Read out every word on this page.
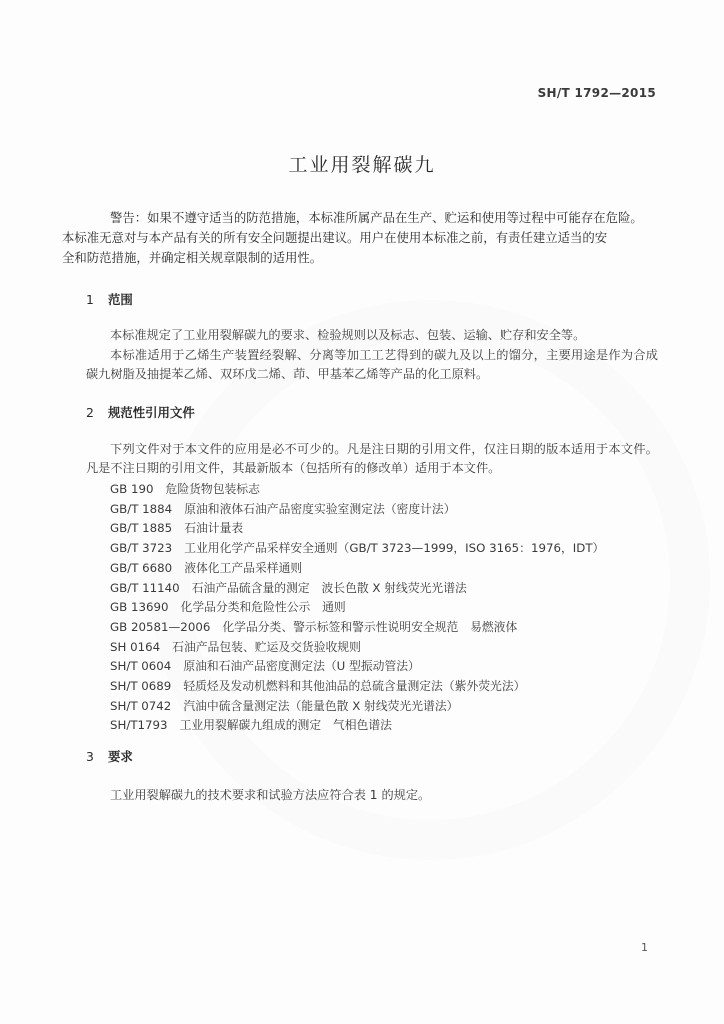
SH/T 1792—2015
工业用裂解碳九
警告：如果不遵守适当的防范措施，本标准所属产品在生产、贮运和使用等过程中可能存在危险。
本标准无意对与本产品有关的所有安全问题提出建议。用户在使用本标准之前，有责任建立适当的安
全和防范措施，并确定相关规章限制的适用性。
1 范围
本标准规定了工业用裂解碳九的要求、检验规则以及标志、包装、运输、贮存和安全等。
本标准适用于乙烯生产装置经裂解、分离等加工工艺得到的碳九及以上的馏分，主要用途是作为合成碳九树脂及抽提苯乙烯、双环戊二烯、茚、甲基苯乙烯等产品的化工原料。
2 规范性引用文件
下列文件对于本文件的应用是必不可少的。凡是注日期的引用文件，仅注日期的版本适用于本文件。凡是不注日期的引用文件，其最新版本（包括所有的修改单）适用于本文件。
GB 190 危险货物包装标志
GB/T 1884 原油和液体石油产品密度实验室测定法（密度计法）
GB/T 1885 石油计量表
GB/T 3723 工业用化学产品采样安全通则（GB/T 3723—1999，ISO 3165：1976，IDT）
GB/T 6680 液体化工产品采样通则
GB/T 11140 石油产品硫含量的测定　波长色散 X 射线荧光光谱法
GB 13690 化学品分类和危险性公示　通则
GB 20581—2006 化学品分类、警示标签和警示性说明安全规范　易燃液体
SH 0164 石油产品包装、贮运及交货验收规则
SH/T 0604 原油和石油产品密度测定法（U 型振动管法）
SH/T 0689 轻质烃及发动机燃料和其他油品的总硫含量测定法（紫外荧光法）
SH/T 0742 汽油中硫含量测定法（能量色散 X 射线荧光光谱法）
SH/T1793 工业用裂解碳九组成的测定　气相色谱法
3 要求
工业用裂解碳九的技术要求和试验方法应符合表 1 的规定。
1
